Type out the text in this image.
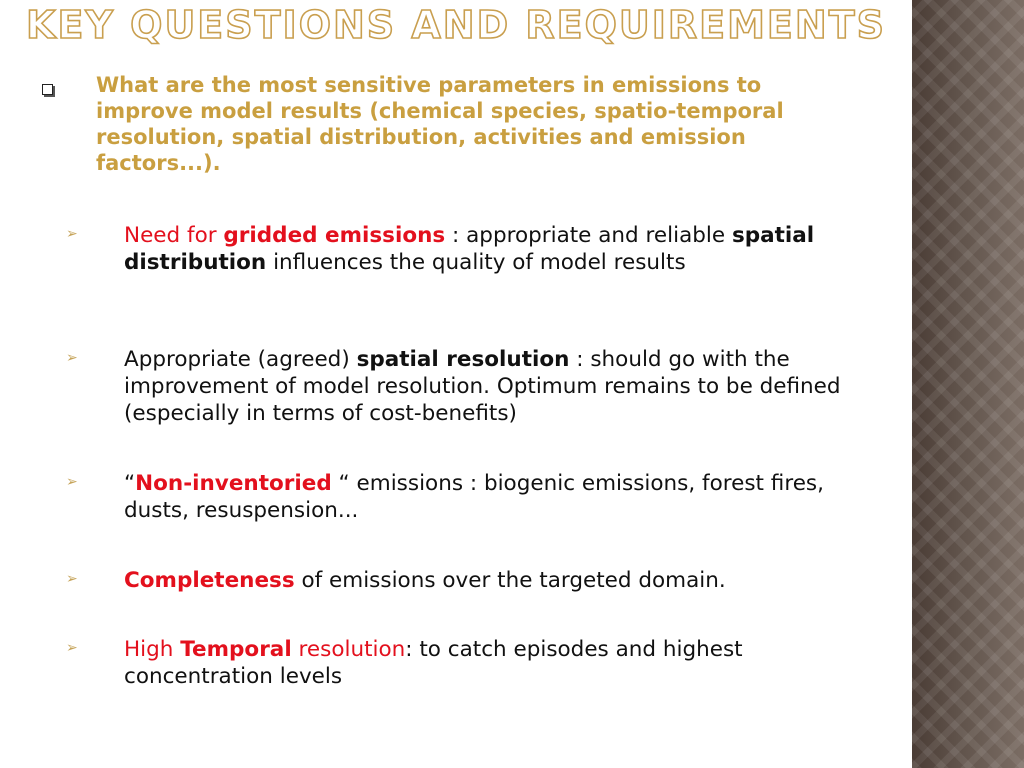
KEY QUESTIONS AND REQUIREMENTS
What are the most sensitive parameters in emissions to improve model results (chemical species, spatio-temporal resolution, spatial distribution, activities and emission factors...).
➢ Need for gridded emissions : appropriate and reliable spatial distribution influences the quality of model results
➢ Appropriate (agreed) spatial resolution : should go with the improvement of model resolution. Optimum remains to be defined (especially in terms of cost-benefits)
➢ “Non-inventoried “ emissions : biogenic emissions, forest fires, dusts, resuspension...
➢ Completeness of emissions over the targeted domain.
➢ High Temporal resolution: to catch episodes and highest concentration levels
